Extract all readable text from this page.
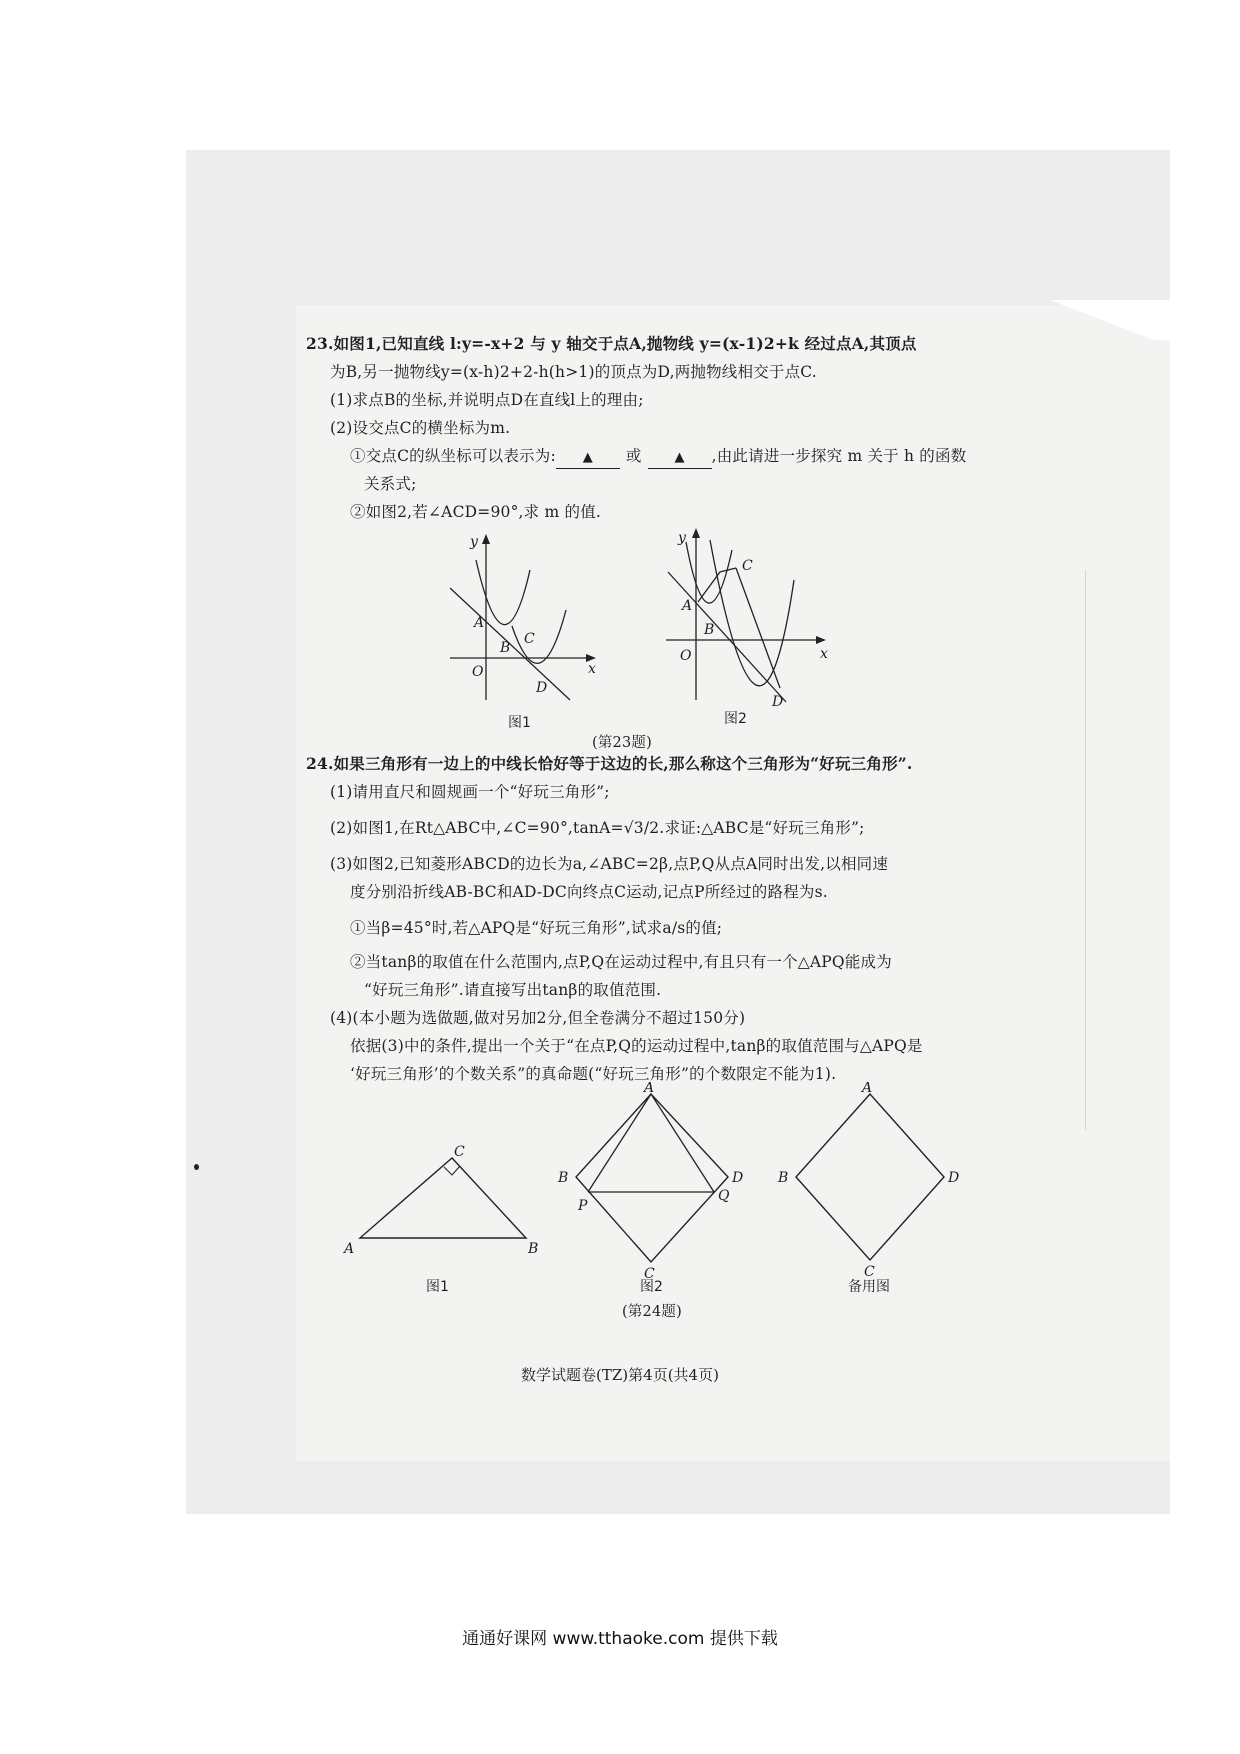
23.如图1,已知直线 l:y=-x+2 与 y 轴交于点A,抛物线 y=(x-1)2+k 经过点A,其顶点
为B,另一抛物线y=(x-h)2+2-h(h>1)的顶点为D,两抛物线相交于点C.
(1)求点B的坐标,并说明点D在直线l上的理由;
(2)设交点C的横坐标为m.
①交点C的纵坐标可以表示为: ▲ 或	▲ ,由此请进一步探究 m 关于 h 的函数
关系式;
②如图2,若∠ACD=90°,求 m 的值.
y
x
O
A
B
C
D
图1
y
x
O
A
B
C
D
图2
(第23题)
24.如果三角形有一边上的中线长恰好等于这边的长,那么称这个三角形为“好玩三角形”.
(1)请用直尺和圆规画一个“好玩三角形”;
(2)如图1,在Rt△ABC中,∠C=90°,tanA=√3/2.求证:△ABC是“好玩三角形”;
(3)如图2,已知菱形ABCD的边长为a,∠ABC=2β,点P,Q从点A同时出发,以相同速
度分别沿折线AB-BC和AD-DC向终点C运动,记点P所经过的路程为s.
①当β=45°时,若△APQ是“好玩三角形”,试求a/s的值;
②当tanβ的取值在什么范围内,点P,Q在运动过程中,有且只有一个△APQ能成为
“好玩三角形”.请直接写出tanβ的取值范围.
(4)(本小题为选做题,做对另加2分,但全卷满分不超过150分)
依据(3)中的条件,提出一个关于“在点P,Q的运动过程中,tanβ的取值范围与△APQ是
‘好玩三角形’的个数关系”的真命题(“好玩三角形”的个数限定不能为1).
A	B
C
图1
A
B
C
D
P
Q
图2
A
B
C
D
备用图
(第24题)
数学试题卷(TZ)第4页(共4页)
通通好课网 www.tthaoke.com 提供下载
